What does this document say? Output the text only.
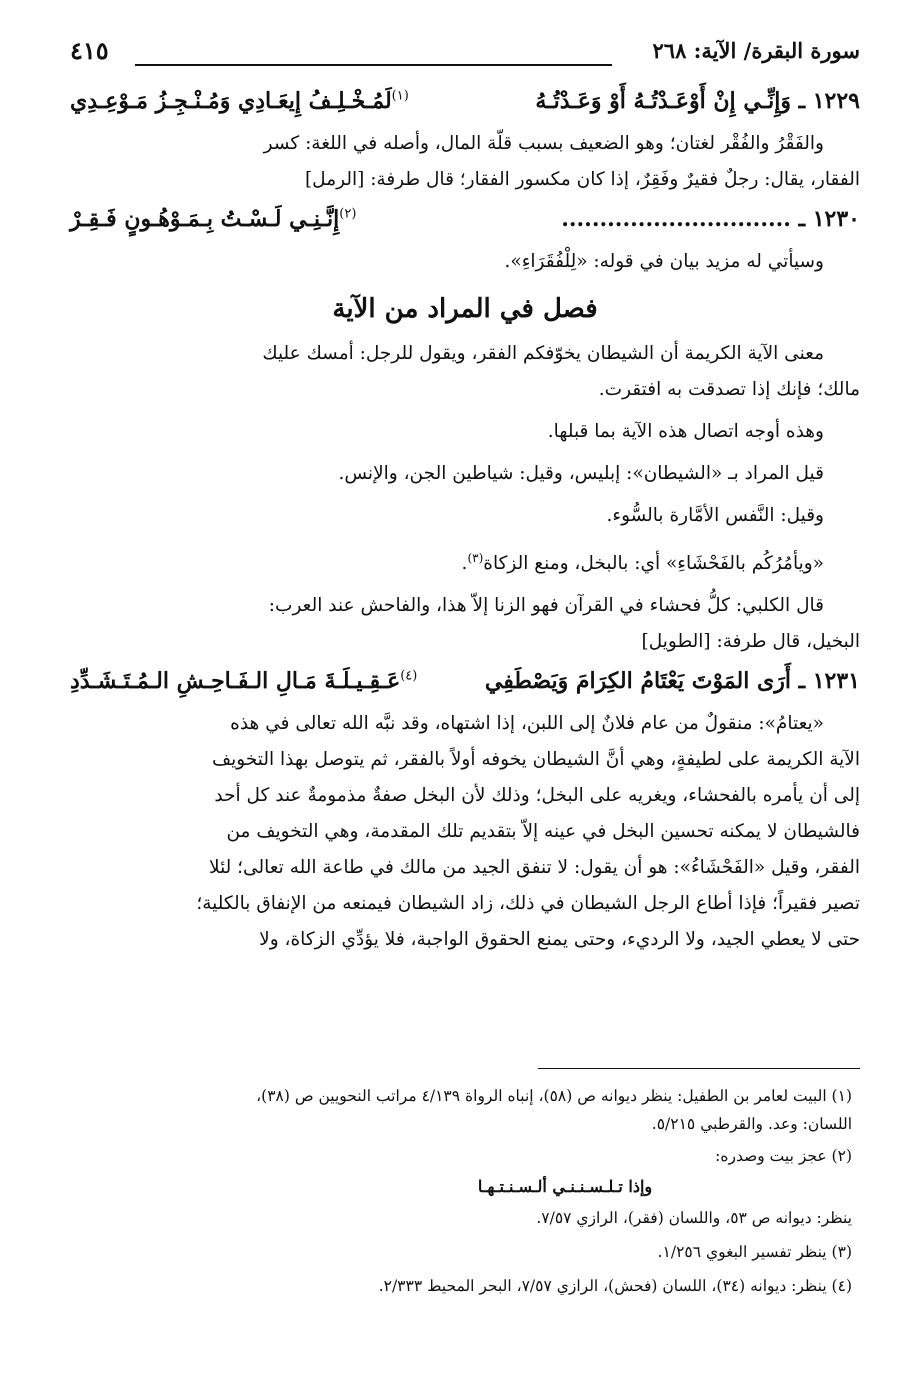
سورة البقرة/ الآية: ٢٦٨
٤١٥
١٢٢٩ ـ وَإِنِّـي إِنْ أَوْعَـدْتُـهُ أَوْ وَعَـدْتُـهُ
$^{(١)}$لَمُـخْـلِـفُ إِيعَـادِي وَمُـنْـجِـزُ مَـوْعِـدِي

والفَقْرُ والفُقْر لغتان؛ وهو الضعيف بسبب قلّة المال، وأصله في اللغة: كسر

الفقار، يقال: رجلٌ فقيرٌ وفَقِرٌ، إذا كان مكسور الفقار؛ قال طرفة: [الرمل]

١٢٣٠ ـ ..............................
$^{(٢)}$إِنَّـنِـي لَـسْـتُ بِـمَـوْهُـونٍ فَـقِـرْ

وسيأتي له مزيد بيان في قوله: «لِلْفُقَرَاءِ».

فصل في المراد من الآية

معنى الآية الكريمة أن الشيطان يخوّفكم الفقر، ويقول للرجل: أمسك عليك

مالك؛ فإنك إذا تصدقت به افتقرت.

وهذه أوجه اتصال هذه الآية بما قبلها.

قيل المراد بـ «الشيطان»: إبليس، وقيل: شياطين الجن، والإنس.

وقيل: النَّفس الأمَّارة بالسُّوء.

«ويأمُرُكُم بالفَحْشَاءِ» أي: بالبخل، ومنع الزكاة$^{(٣)}$.

قال الكلبي: كلُّ فحشاء في القرآن فهو الزنا إلاّ هذا، والفاحش عند العرب:

البخيل، قال طرفة: [الطويل]

١٢٣١ ـ أَرَى المَوْتَ يَعْتَامُ الكِرَامَ وَيَصْطَفِي
$^{(٤)}$عَـقِـيـلَـةَ مَـالِ الـفَـاحِـشِ الـمُـتَـشَـدِّدِ

«يعتامُ»: منقولٌ من عام فلانٌ إلى اللبن، إذا اشتهاه، وقد نبَّه الله تعالى في هذه

الآية الكريمة على لطيفةٍ، وهي أنَّ الشيطان يخوفه أولاً بالفقر، ثم يتوصل بهذا التخويف

إلى أن يأمره بالفحشاء، ويغريه على البخل؛ وذلك لأن البخل صفةٌ مذمومةٌ عند كل أحد

فالشيطان لا يمكنه تحسين البخل في عينه إلاّ بتقديم تلك المقدمة، وهي التخويف من

الفقر، وقيل «الفَحْشَاءُ»: هو أن يقول: لا تنفق الجيد من مالك في طاعة الله تعالى؛ لئلا

تصير فقيراً؛ فإذا أطاع الرجل الشيطان في ذلك، زاد الشيطان فيمنعه من الإنفاق بالكلية؛

حتى لا يعطي الجيد، ولا الرديء، وحتى يمنع الحقوق الواجبة، فلا يؤدِّي الزكاة، ولا

(١) البيت لعامر بن الطفيل: ينظر ديوانه ص (٥٨)، إنباه الرواة ٤/١٣٩ مراتب النحويين ص (٣٨)،
اللسان: وعد. والقرطبي ٥/٢١٥.
(٢) عجز بيت وصدره:
وإذا تـلـسـنـنـي ألـسـنـتـهـا
ينظر: ديوانه ص ٥٣، واللسان (فقر)، الرازي ٧/٥٧.
(٣) ينظر تفسير البغوي ١/٢٥٦.
(٤) ينظر: ديوانه (٣٤)، اللسان (فحش)، الرازي ٧/٥٧، البحر المحيط ٢/٣٣٣.
